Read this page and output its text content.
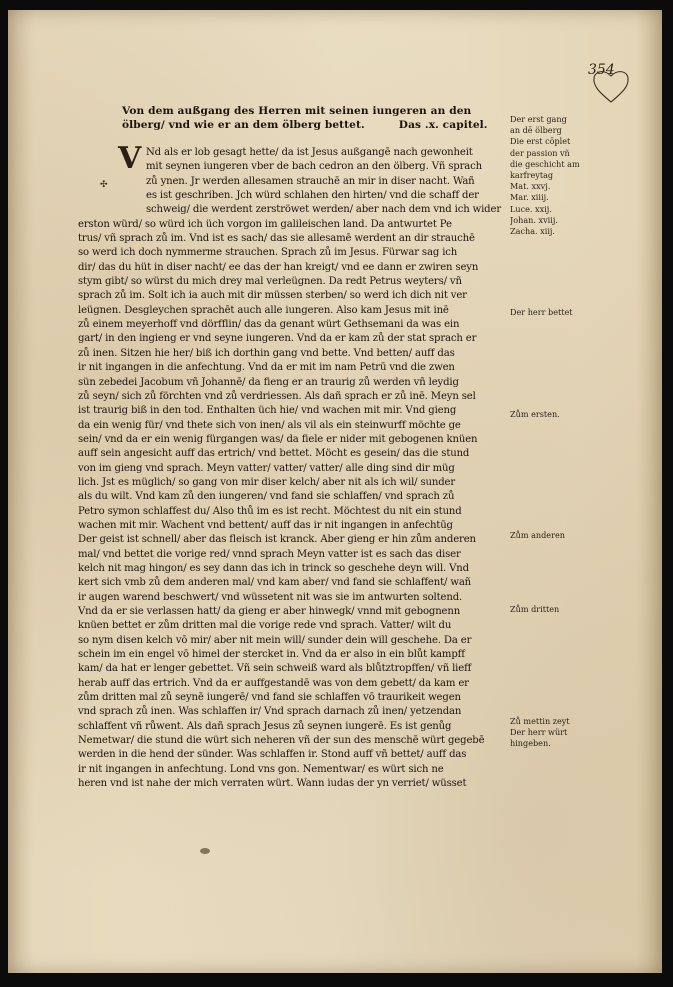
354
Von dem außgang des Herren mit seinen iungeren an den
ölberg/ vnd wie er an dem ölberg bettet.	Das .x. capitel.
✣
V Nd als er lob gesagt hette/ da ist Jesus außgangē nach gewonheit
mit seynen iungeren vber de bach cedron an den ölberg. Vñ sprach
zů ynen. Jr werden allesamen strauchē an mir in diser nacht. Wañ
es ist geschriben. Jch würd schlahen den hirten/ vnd die schaff der
schweig/ die werdent zerströwet werden/ aber nach dem vnd ich wider
erston würd/ so würd ich üch vorgon im galileischen land. Da antwurtet Pe
trus/ vñ sprach zů im. Vnd ist es sach/ das sie allesamē werdent an dir strauchē
so werd ich doch nymmerme strauchen. Sprach zů im Jesus. Fürwar sag ich
dir/ das du hüt in diser nacht/ ee das der han kreigt/ vnd ee dann er zwiren seyn
stym gibt/ so würst du mich drey mal verleügnen. Da redt Petrus weyters/ vñ
sprach zů im. Solt ich ia auch mit dir müssen sterben/ so werd ich dich nit ver
leügnen. Desgleychen sprachēt auch alle iungeren. Also kam Jesus mit inē
zů einem meyerhoff vnd dörfflin/ das da genant würt Gethsemani da was ein
gart/ in den ingieng er vnd seyne iungeren. Vnd da er kam zů der stat sprach er
zů inen. Sitzen hie her/ biß ich dorthin gang vnd bette. Vnd betten/ auff das
ir nit ingangen in die anfechtung. Vnd da er mit im nam Petrū vnd die zwen
sün zebedei Jacobum vñ Johannē/ da fieng er an traurig zů werden vñ leydig
zů seyn/ sich zů förchten vnd zů verdriessen. Als dañ sprach er zů inē. Meyn sel
ist traurig biß in den tod. Enthalten üch hie/ vnd wachen mit mir. Vnd gieng
da ein wenig für/ vnd thete sich von inen/ als vil als ein steinwurff möchte ge
sein/ vnd da er ein wenig fürgangen was/ da fiele er nider mit gebogenen knüen
auff sein angesicht auff das ertrich/ vnd bettet. Möcht es gesein/ das die stund
von im gieng vnd sprach. Meyn vatter/ vatter/ vatter/ alle ding sind dir müg
lich. Jst es müglich/ so gang von mir diser kelch/ aber nit als ich wil/ sunder
als du wilt. Vnd kam zů den iungeren/ vnd fand sie schlaffen/ vnd sprach zů
Petro symon schlaffest du/ Also thů im es ist recht. Möchtest du nit ein stund
wachen mit mir. Wachent vnd bettent/ auff das ir nit ingangen in anfechtūg
Der geist ist schnell/ aber das fleisch ist kranck. Aber gieng er hin zům anderen
mal/ vnd bettet die vorige red/ vnnd sprach Meyn vatter ist es sach das diser
kelch nit mag hingon/ es sey dann das ich in trinck so geschehe deyn will. Vnd
kert sich vmb zů dem anderen mal/ vnd kam aber/ vnd fand sie schlaffent/ wañ
ir augen warend beschwert/ vnd wüssetent nit was sie im antwurten soltend.
Vnd da er sie verlassen hatt/ da gieng er aber hinwegk/ vnnd mit gebognenn
knüen bettet er zům dritten mal die vorige rede vnd sprach. Vatter/ wilt du
so nym disen kelch vō mir/ aber nit mein will/ sunder dein will geschehe. Da er
schein im ein engel vō himel der stercket in. Vnd da er also in ein blůt kampff
kam/ da hat er lenger gebettet. Vñ sein schweiß ward als blůtztropffen/ vñ lieff
herab auff das ertrich. Vnd da er auffgestandē was von dem gebett/ da kam er
zům dritten mal zů seynē iungerē/ vnd fand sie schlaffen vō traurikeit wegen
vnd sprach zů inen. Was schlaffen ir/ Vnd sprach darnach zů inen/ yetzendan
schlaffent vñ růwent. Als dañ sprach Jesus zů seynen iungerē. Es ist genůg
Nemetwar/ die stund die würt sich neheren vñ der sun des menschē würt gegebē
werden in die hend der sünder. Was schlaffen ir. Stond auff vñ bettet/ auff das
ir nit ingangen in anfechtung. Lond vns gon. Nementwar/ es würt sich ne
heren vnd ist nahe der mich verraten würt. Wann iudas der yn verriet/ wüsset
Der erst gang
an dē ölberg
Die erst cōplet
der passion vñ
die geschicht am
karfreytag
Mat. xxvj.
Mar. xiiij.
Luce. xxij.
Johan. xviij.
Zacha. xiij.
Der herr bettet
Zům ersten.
Zům anderen
Zům dritten
Zů mettin zeyt
Der herr würt
hingeben.
